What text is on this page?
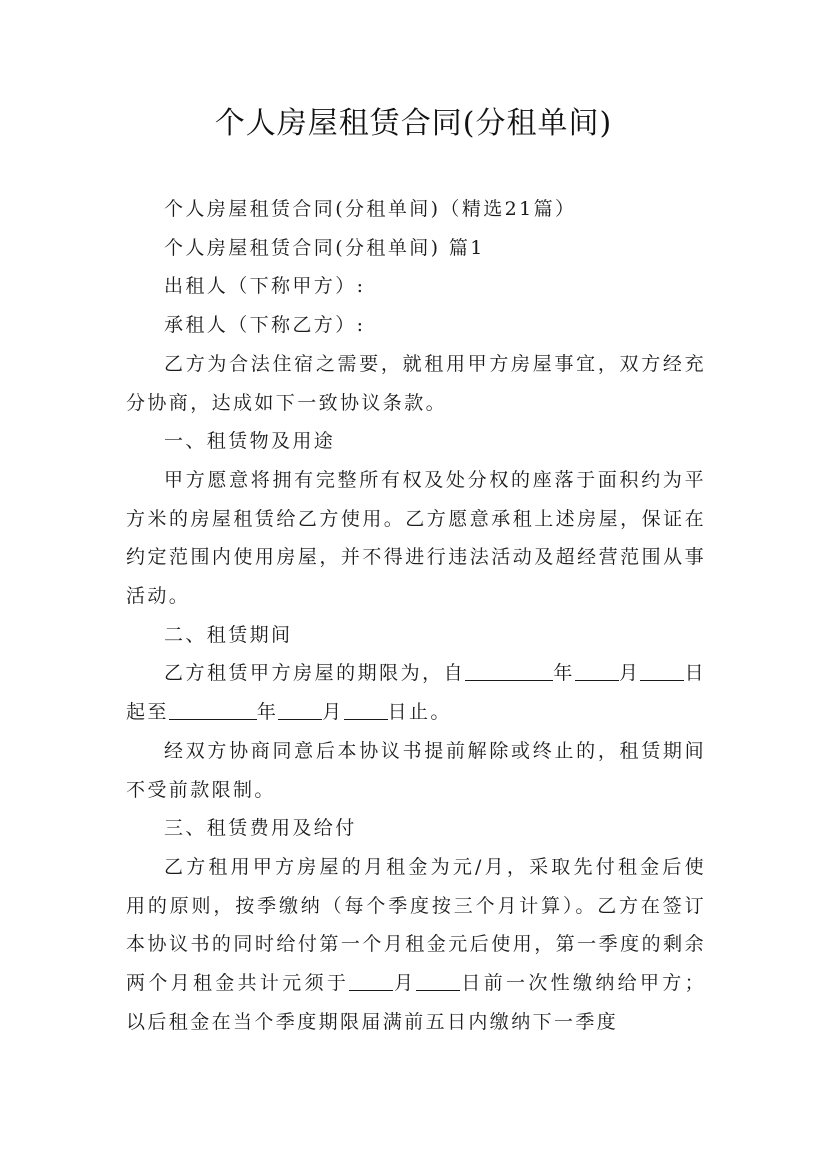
个人房屋租赁合同(分租单间)

个人房屋租赁合同(分租单间)（精选21篇）

个人房屋租赁合同(分租单间) 篇1

出租人（下称甲方）:

承租人（下称乙方）:

乙方为合法住宿之需要，就租用甲方房屋事宜，双方经充分协商，达成如下一致协议条款。

一、租赁物及用途

甲方愿意将拥有完整所有权及处分权的座落于面积约为平方米的房屋租赁给乙方使用。乙方愿意承租上述房屋，保证在约定范围内使用房屋，并不得进行违法活动及超经营范围从事活动。

二、租赁期间

乙方租赁甲方房屋的期限为，自	年 月 日起至	年 月 日止。

经双方协商同意后本协议书提前解除或终止的，租赁期间不受前款限制。

三、租赁费用及给付

乙方租用甲方房屋的月租金为元/月，采取先付租金后使用的原则，按季缴纳（每个季度按三个月计算）。乙方在签订本协议书的同时给付第一个月租金元后使用，第一季度的剩余两个月租金共计元须于 月 日前一次性缴纳给甲方；以后租金在当个季度期限届满前五日内缴纳下一季度
